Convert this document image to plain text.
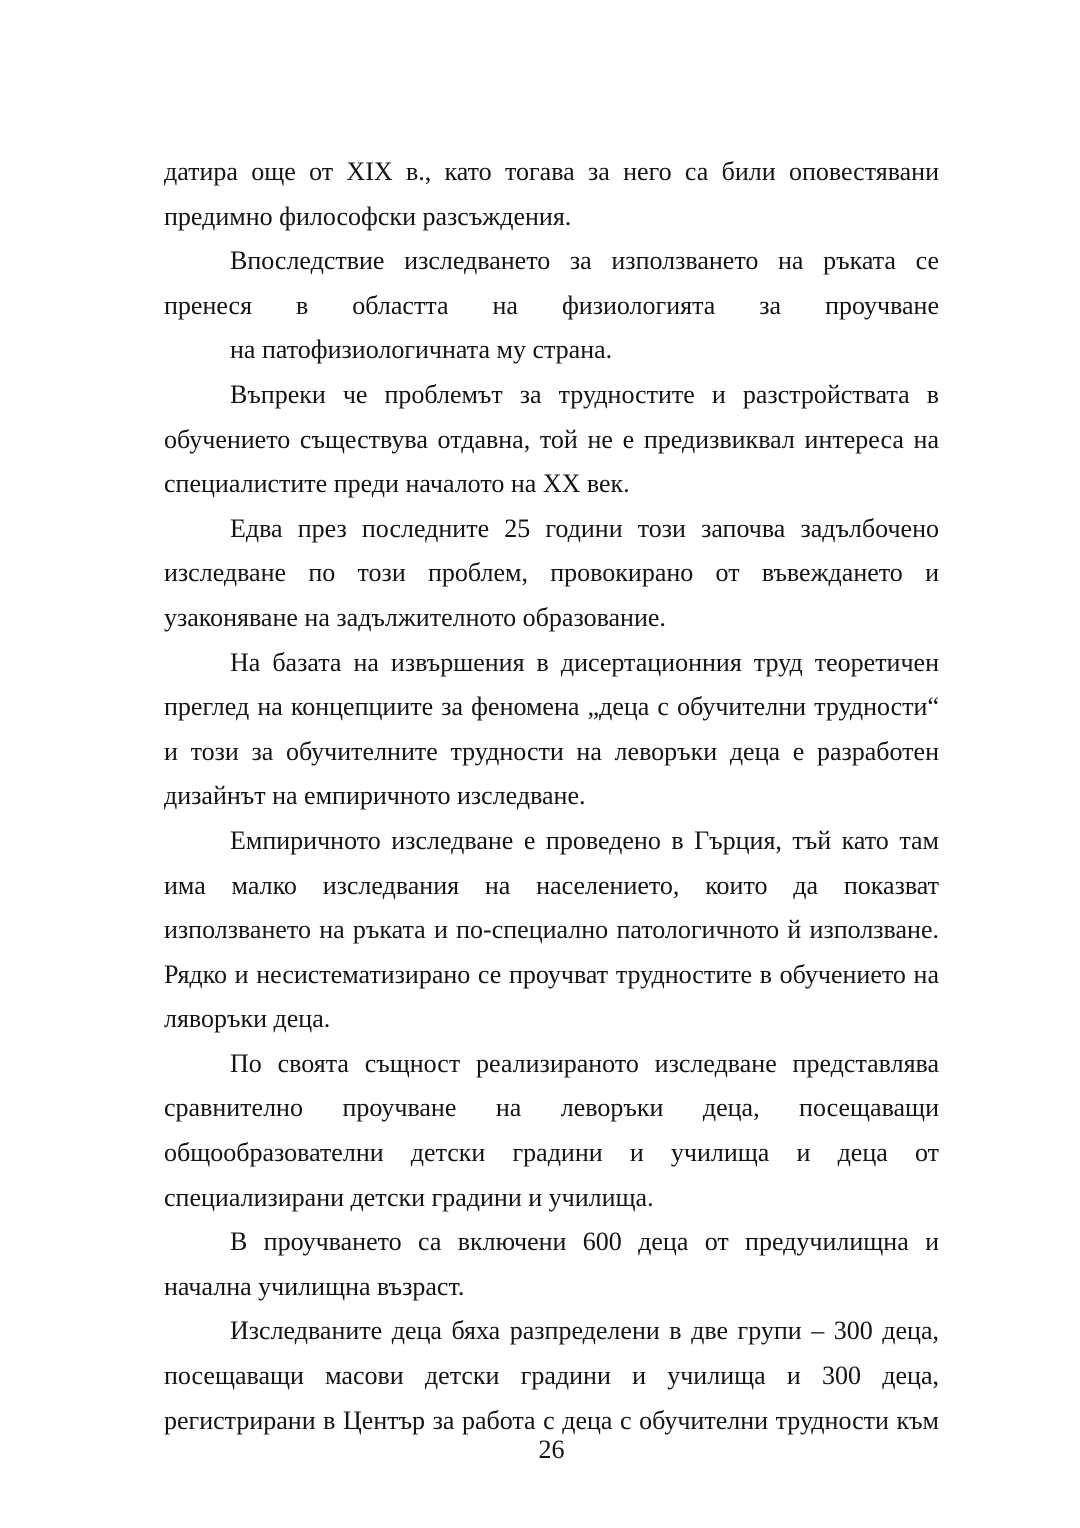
датира още от XIX в., като тогава за него са били оповестявани
предимно философски разсъждения.
Впоследствие изследването за използването на ръката се
пренеся в областта на физиологията за проучване
на патофизиологичната му страна.
Въпреки че проблемът за трудностите и разстройствата в
обучението съществува отдавна, той не е предизвиквал интереса на
специалистите преди началото на XX век.
Едва през последните 25 години този започва задълбочено
изследване по този проблем, провокирано от въвеждането и
узаконяване на задължителното образование.
На базата на извършения в дисертационния труд теоретичен
преглед на концепциите за феномена „деца с обучителни трудности“
и този за обучителните трудности на леворъки деца е разработен
дизайнът на емпиричното изследване.
Емпиричното изследване е проведено в Гърция, тъй като там
има малко изследвания на населението, които да показват
използването на ръката и по-специално патологичното й използване.
Рядко и несистематизирано се проучват трудностите в обучението на
ляворъки деца.
По своята същност реализираното изследване представлява
сравнително проучване на леворъки деца, посещаващи
общообразователни детски градини и училища и деца от
специализирани детски градини и училища.
В проучването са включени 600 деца от предучилищна и
начална училищна възраст.
Изследваните деца бяха разпределени в две групи – 300 деца,
посещаващи масови детски градини и училища и 300 деца,
регистрирани в Център за работа с деца с обучителни трудности към
26
